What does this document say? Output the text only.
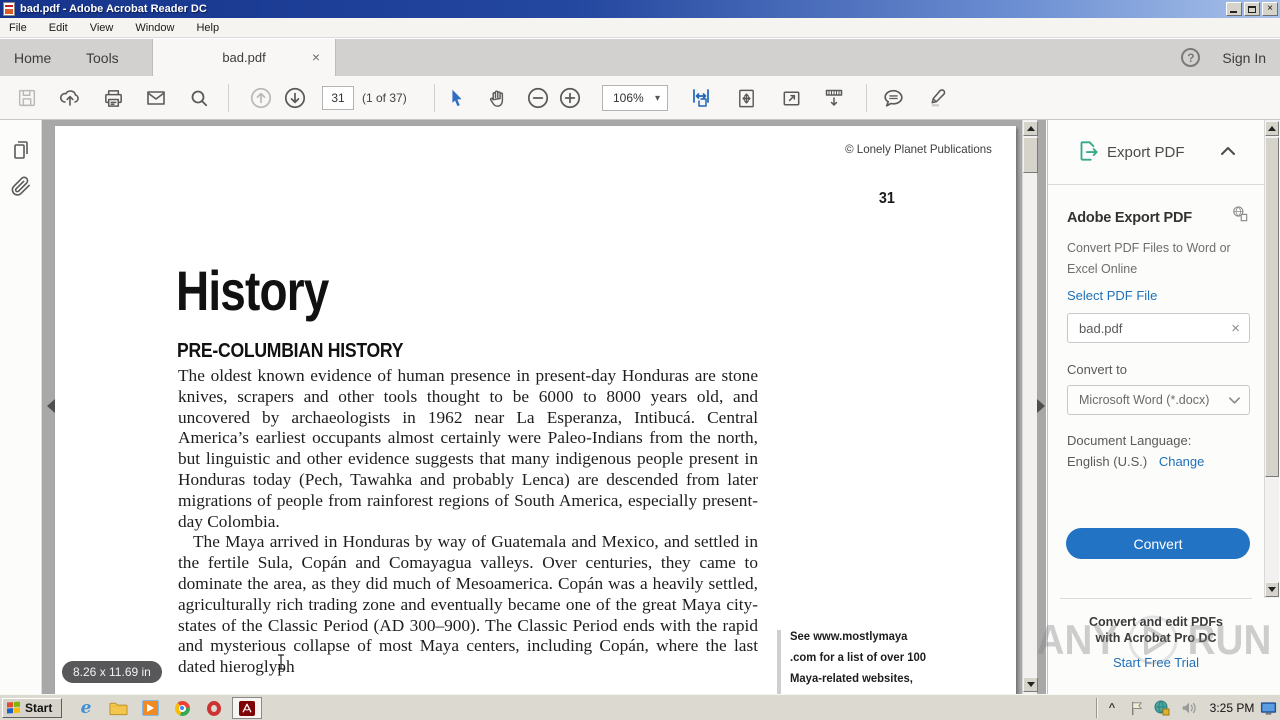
bad.pdf - Adobe Acrobat Reader DC	×
File Edit View Window Help
Home Tools	bad.pdf	×	?	Sign In
31	(1 of 37)	106%	▾
© Lonely Planet Publications
31
History
PRE-COLUMBIAN HISTORY

The oldest known evidence of human presence in present-day Honduras are stone knives, scrapers and other tools thought to be 6000 to 8000 years old, and uncovered by archaeologists in 1962 near La Esperanza, Intibucá. Central America’s earliest occupants almost certainly were Paleo-Indians from the north, but linguistic and other evidence suggests that many indigenous people present in Honduras today (Pech, Tawahka and probably Lenca) are descended from later migrations of people from rainforest regions of South America, especially present-day Colombia.

The Maya arrived in Honduras by way of Guatemala and Mexico, and settled in the fertile Sula, Copán and Comayagua valleys. Over centuries, they came to dominate the area, as they did much of Mesoamerica. Copán was a heavily settled, agriculturally rich trading zone and eventually became one of the great Maya city-states of the Classic Period (AD 300–900). The Classic Period ends with the rapid and mysterious collapse of most Maya centers, including Copán, where the last dated hieroglyph

See www.mostlymaya
.com for a list of over 100
Maya-related websites,
8.26 x 11.69 in
Export PDF
Adobe Export PDF
Convert PDF Files to Word or Excel Online
Select PDF File
bad.pdf	×
Convert to
Microsoft Word (*.docx)
Document Language:
English (U.S.) Change
Convert
Convert and edit PDFs
with Acrobat Pro DC
Start Free Trial
ANY RUN
Start e	^	3:25 PM
